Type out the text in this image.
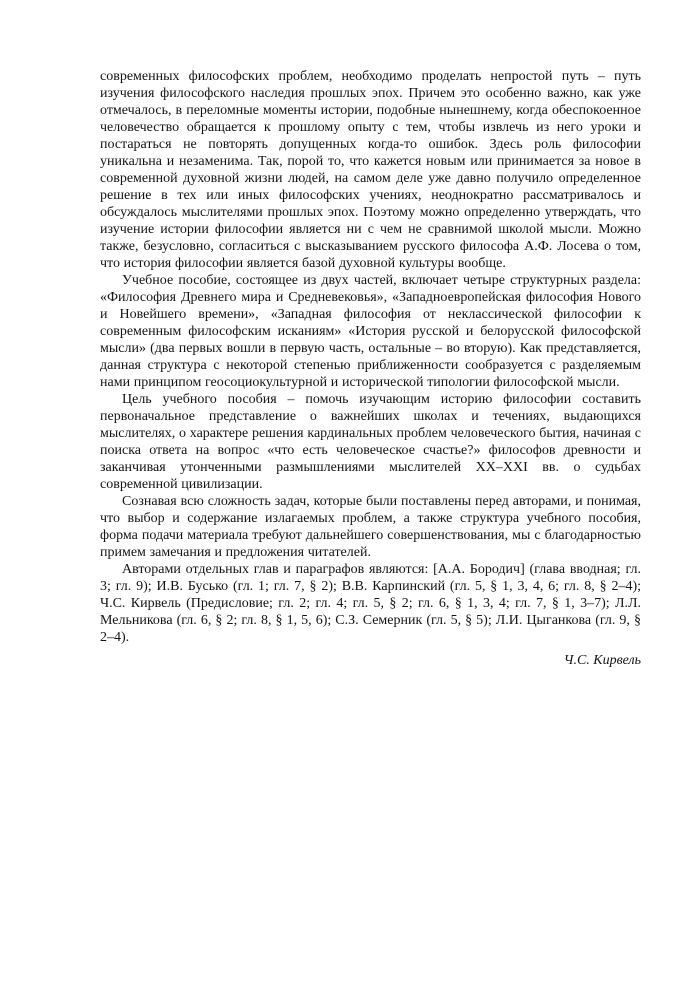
современных философских проблем, необходимо проделать непростой путь – путь изучения философского наследия прошлых эпох. Причем это особенно важно, как уже отмечалось, в переломные моменты истории, подобные нынешнему, когда обеспокоенное человечество обращается к прошлому опыту с тем, чтобы извлечь из него уроки и постараться не повторять допущенных когда-то ошибок. Здесь роль философии уникальна и незаменима. Так, порой то, что кажется новым или принимается за новое в современной духовной жизни людей, на самом деле уже давно получило определенное решение в тех или иных философских учениях, неоднократно рассматривалось и обсуждалось мыслителями прошлых эпох. Поэтому можно определенно утверждать, что изучение истории философии является ни с чем не сравнимой школой мысли. Можно также, безусловно, согласиться с высказыванием русского философа А.Ф. Лосева о том, что история философии является базой духовной культуры вообще.

Учебное пособие, состоящее из двух частей, включает четыре структурных раздела: «Философия Древнего мира и Средневековья», «Западноевропейская философия Нового и Новейшего времени», «Западная философия от неклассической философии к современным философским исканиям» «История русской и белорусской философской мысли» (два первых вошли в первую часть, остальные – во вторую). Как представляется, данная структура с некоторой степенью приближенности сообразуется с разделяемым нами принципом геосоциокультурной и исторической типологии философской мысли.

Цель учебного пособия – помочь изучающим историю философии составить первоначальное представление о важнейших школах и течениях, выдающихся мыслителях, о характере решения кардинальных проблем человеческого бытия, начиная с поиска ответа на вопрос «что есть человеческое счастье?» философов древности и заканчивая утонченными размышлениями мыслителей XX–XXI вв. о судьбах современной цивилизации.

Сознавая всю сложность задач, которые были поставлены перед авторами, и понимая, что выбор и содержание излагаемых проблем, а также структура учебного пособия, форма подачи материала требуют дальнейшего совершенствования, мы с благодарностью примем замечания и предложения читателей.

Авторами отдельных глав и параграфов являются: [А.А. Бородич] (глава вводная; гл. 3; гл. 9); И.В. Бусько (гл. 1; гл. 7, § 2); В.В. Карпинский (гл. 5, § 1, 3, 4, 6; гл. 8, § 2–4); Ч.С. Кирвель (Предисловие; гл. 2; гл. 4; гл. 5, § 2; гл. 6, § 1, 3, 4; гл. 7, § 1, 3–7); Л.Л. Мельникова (гл. 6, § 2; гл. 8, § 1, 5, 6); С.З. Семерник (гл. 5, § 5); Л.И. Цыганкова (гл. 9, § 2–4).

Ч.С. Кирвель
